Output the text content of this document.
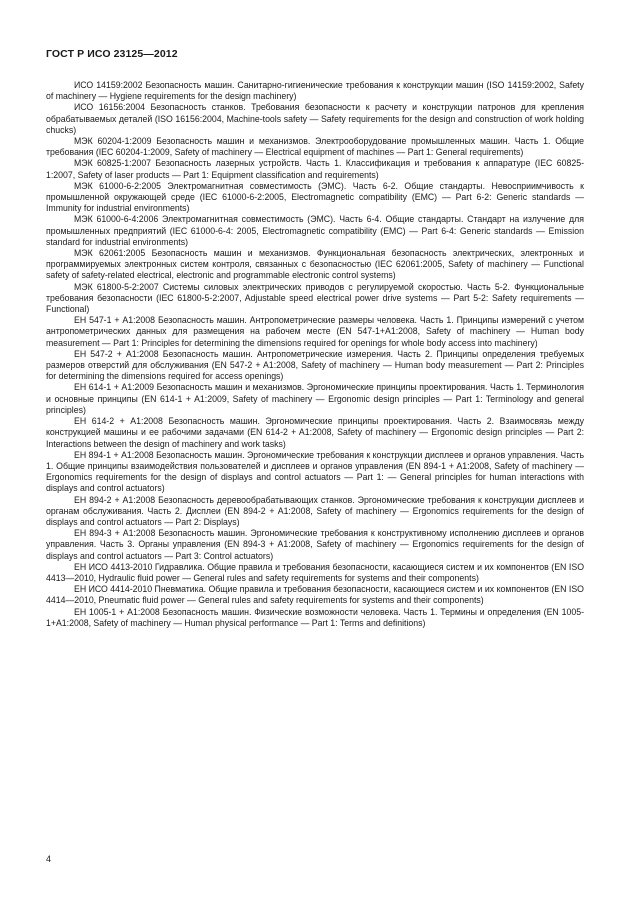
ГОСТ Р ИСО 23125—2012

ИСО 14159:2002 Безопасность машин. Санитарно-гигиенические требования к конструкции машин (ISO 14159:2002, Safety of machinery — Hygiene requirements for the design machinery)

ИСО 16156:2004 Безопасность станков. Требования безопасности к расчету и конструкции патронов для крепления обрабатываемых деталей (ISO 16156:2004, Machine-tools safety — Safety requirements for the design and construction of work holding chucks)

МЭК 60204-1:2009 Безопасность машин и механизмов. Электрооборудование промышленных машин. Часть 1. Общие требования (IEC 60204-1:2009, Safety of machinery — Electrical equipment of machines — Part 1: General requirements)

МЭК 60825-1:2007 Безопасность лазерных устройств. Часть 1. Классификация и требования к аппаратуре (IEC 60825-1:2007, Safety of laser products — Part 1: Equipment classification and requirements)

МЭК 61000-6-2:2005 Электромагнитная совместимость (ЭМС). Часть 6-2. Общие стандарты. Невосприимчивость к промышленной окружающей среде (IEC 61000-6-2:2005, Electromagnetic compatibility (EMC) — Part 6-2: Generic standards — Immunity for industrial environments)

МЭК 61000-6-4:2006 Электромагнитная совместимость (ЭМС). Часть 6-4. Общие стандарты. Стандарт на излучение для промышленных предприятий (IEC 61000-6-4: 2005, Electromagnetic compatibility (EMC) — Part 6-4: Generic standards — Emission standard for industrial environments)

МЭК 62061:2005 Безопасность машин и механизмов. Функциональная безопасность электрических, электронных и программируемых электронных систем контроля, связанных с безопасностью (IEC 62061:2005, Safety of machinery — Functional safety of safety-related electrical, electronic and programmable electronic control systems)

МЭК 61800-5-2:2007 Системы силовых электрических приводов с регулируемой скоростью. Часть 5-2. Функциональные требования безопасности (IEC 61800-5-2:2007, Adjustable speed electrical power drive systems — Part 5-2: Safety requirements — Functional)

ЕН 547-1 + А1:2008 Безопасность машин. Антропометрические размеры человека. Часть 1. Принципы измерений с учетом антропометрических данных для размещения на рабочем месте (EN 547-1+A1:2008, Safety of machinery — Human body measurement — Part 1: Principles for determining the dimensions required for openings for whole body access into machinery)

ЕН 547-2 + А1:2008 Безопасность машин. Антропометрические измерения. Часть 2. Принципы определения требуемых размеров отверстий для обслуживания (EN 547-2 + A1:2008, Safety of machinery — Human body measurement — Part 2: Principles for determining the dimensions required for access openings)

ЕН 614-1 + А1:2009 Безопасность машин и механизмов. Эргономические принципы проектирования. Часть 1. Терминология и основные принципы (EN 614-1 + A1:2009, Safety of machinery — Ergonomic design principles — Part 1: Terminology and general principles)

ЕН 614-2 + А1:2008 Безопасность машин. Эргономические принципы проектирования. Часть 2. Взаимосвязь между конструкцией машины и ее рабочими задачами (EN 614-2 + A1:2008, Safety of machinery — Ergonomic design principles — Part 2: Interactions between the design of machinery and work tasks)

ЕН 894-1 + А1:2008 Безопасность машин. Эргономические требования к конструкции дисплеев и органов управления. Часть 1. Общие принципы взаимодействия пользователей и дисплеев и органов управления (EN 894-1 + A1:2008, Safety of machinery — Ergonomics requirements for the design of displays and control actuators — Part 1: — General principles for human interactions with displays and control actuators)

ЕН 894-2 + А1:2008 Безопасность деревообрабатывающих станков. Эргономические требования к конструкции дисплеев и органам обслуживания. Часть 2. Дисплеи (EN 894-2 + A1:2008, Safety of machinery — Ergonomics requirements for the design of displays and control actuators — Part 2: Displays)

ЕН 894-3 + А1:2008 Безопасность машин. Эргономические требования к конструктивному исполнению дисплеев и органов управления. Часть 3. Органы управления (EN 894-3 + A1:2008, Safety of machinery — Ergonomics requirements for the design of displays and control actuators — Part 3: Control actuators)

ЕН ИСО 4413-2010 Гидравлика. Общие правила и требования безопасности, касающиеся систем и их компонентов (EN ISO 4413—2010, Hydraulic fluid power — General rules and safety requirements for systems and their components)

ЕН ИСО 4414-2010 Пневматика. Общие правила и требования безопасности, касающиеся систем и их компонентов (EN ISO 4414—2010, Pneumatic fluid power — General rules and safety requirements for systems and their components)

ЕН 1005-1 + А1:2008 Безопасность машин. Физические возможности человека. Часть 1. Термины и определения (EN 1005-1+A1:2008, Safety of machinery — Human physical performance — Part 1: Terms and definitions)

4
